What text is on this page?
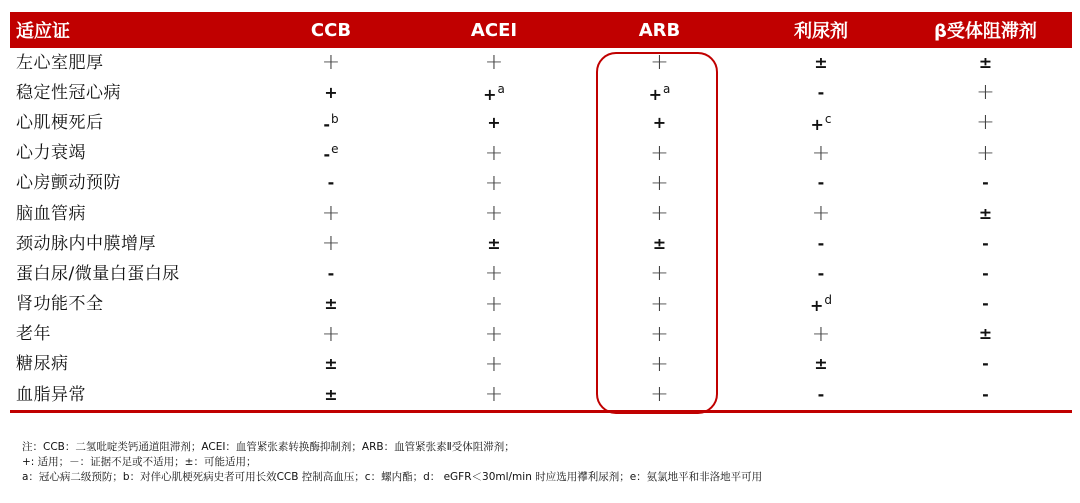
适应证	CCB	ACEI	ARB	利尿剂	β受体阻滞剂
左心室肥厚	+	+	+	±	±
稳定性冠心病	+	+$^a$	+$^a$	-	+
心肌梗死后	-$^b$	+	+	+$^c$	+
心力衰竭	-$^e$	+	+	+	+
心房颤动预防	-	+	+	-	-
脑血管病	+	+	+	+	±
颈动脉内中膜增厚	+	±	±	-	-
蛋白尿/微量白蛋白尿	-	+	+	-	-
肾功能不全	±	+	+	+$^d$	-
老年	+	+	+	+	±
糖尿病	±	+	+	±	-
血脂异常	±	+	+	-	-
注：CCB：二氢吡啶类钙通道阻滞剂；ACEI：血管紧张素转换酶抑制剂；ARB：血管紧张素Ⅱ受体阻滞剂；
+: 适用；－：证据不足或不适用；±：可能适用；
a：冠心病二级预防；b：对伴心肌梗死病史者可用长效CCB 控制高血压；c：螺内酯；d： eGFR＜30ml/min 时应选用襻利尿剂；e：氨氯地平和非洛地平可用
